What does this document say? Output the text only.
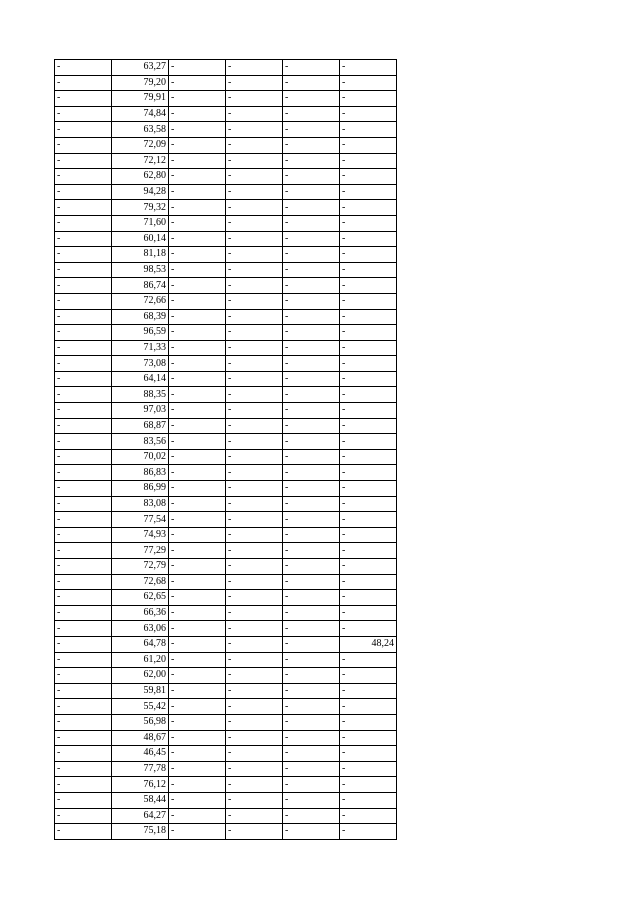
-	63,27	-	-	-	-
-	79,20	-	-	-	-
-	79,91	-	-	-	-
-	74,84	-	-	-	-
-	63,58	-	-	-	-
-	72,09	-	-	-	-
-	72,12	-	-	-	-
-	62,80	-	-	-	-
-	94,28	-	-	-	-
-	79,32	-	-	-	-
-	71,60	-	-	-	-
-	60,14	-	-	-	-
-	81,18	-	-	-	-
-	98,53	-	-	-	-
-	86,74	-	-	-	-
-	72,66	-	-	-	-
-	68,39	-	-	-	-
-	96,59	-	-	-	-
-	71,33	-	-	-	-
-	73,08	-	-	-	-
-	64,14	-	-	-	-
-	88,35	-	-	-	-
-	97,03	-	-	-	-
-	68,87	-	-	-	-
-	83,56	-	-	-	-
-	70,02	-	-	-	-
-	86,83	-	-	-	-
-	86,99	-	-	-	-
-	83,08	-	-	-	-
-	77,54	-	-	-	-
-	74,93	-	-	-	-
-	77,29	-	-	-	-
-	72,79	-	-	-	-
-	72,68	-	-	-	-
-	62,65	-	-	-	-
-	66,36	-	-	-	-
-	63,06	-	-	-	-
-	64,78	-	-	-	48,24
-	61,20	-	-	-	-
-	62,00	-	-	-	-
-	59,81	-	-	-	-
-	55,42	-	-	-	-
-	56,98	-	-	-	-
-	48,67	-	-	-	-
-	46,45	-	-	-	-
-	77,78	-	-	-	-
-	76,12	-	-	-	-
-	58,44	-	-	-	-
-	64,27	-	-	-	-
-	75,18	-	-	-	-
